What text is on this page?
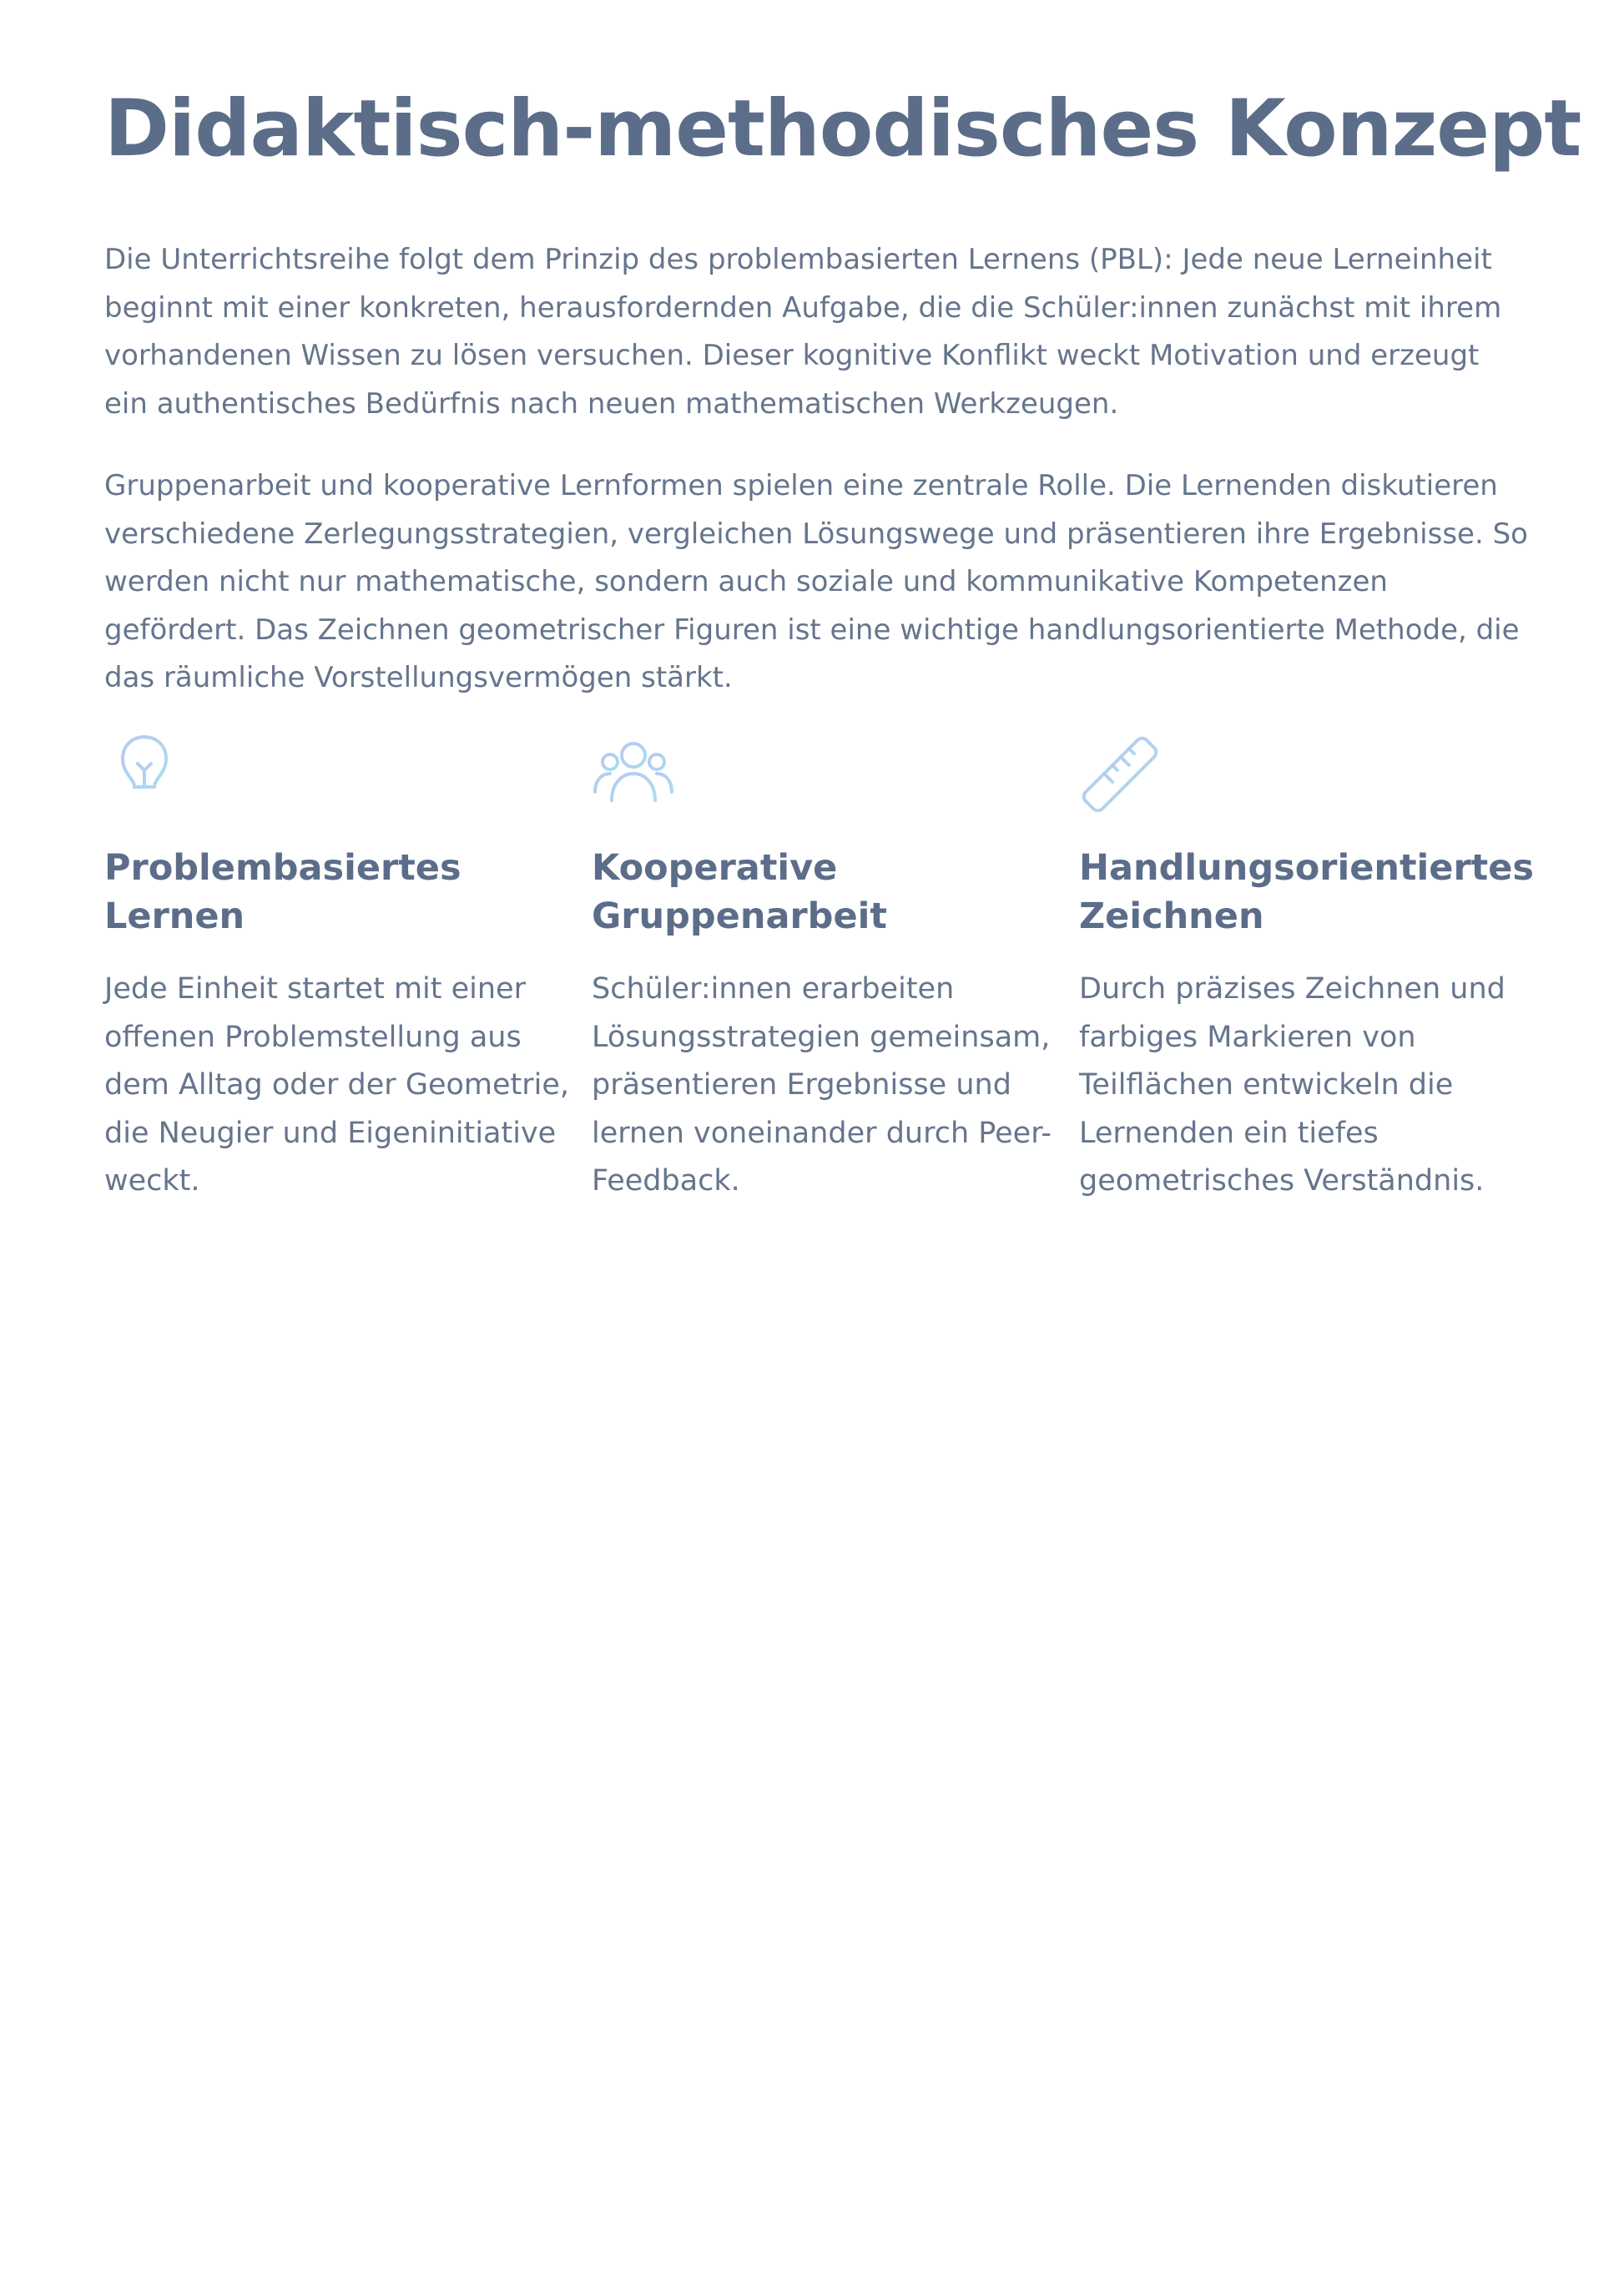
Didaktisch-methodisches Konzept

Die Unterrichtsreihe folgt dem Prinzip des problembasierten Lernens (PBL): Jede neue Lerneinheit beginnt mit einer konkreten, herausfordernden Aufgabe, die die Schüler:innen zunächst mit ihrem vorhandenen Wissen zu lösen versuchen. Dieser kognitive Konflikt weckt Motivation und erzeugt ein authentisches Bedürfnis nach neuen mathematischen Werkzeugen.

Gruppenarbeit und kooperative Lernformen spielen eine zentrale Rolle. Die Lernenden diskutieren verschiedene Zerlegungsstrategien, vergleichen Lösungswege und präsentieren ihre Ergebnisse. So werden nicht nur mathematische, sondern auch soziale und kommunikative Kompetenzen gefördert. Das Zeichnen geometrischer Figuren ist eine wichtige handlungsorientierte Methode, die das räumliche Vorstellungsvermögen stärkt.

Problembasiertes Lernen

Jede Einheit startet mit einer offenen Problemstellung aus dem Alltag oder der Geometrie, die Neugier und Eigeninitiative weckt.

Kooperative Gruppenarbeit

Schüler:innen erarbeiten Lösungsstrategien gemeinsam, präsentieren Ergebnisse und lernen voneinander durch Peer-Feedback.

Handlungsorientiertes Zeichnen

Durch präzises Zeichnen und farbiges Markieren von Teilflächen entwickeln die Lernenden ein tiefes geometrisches Verständnis.
